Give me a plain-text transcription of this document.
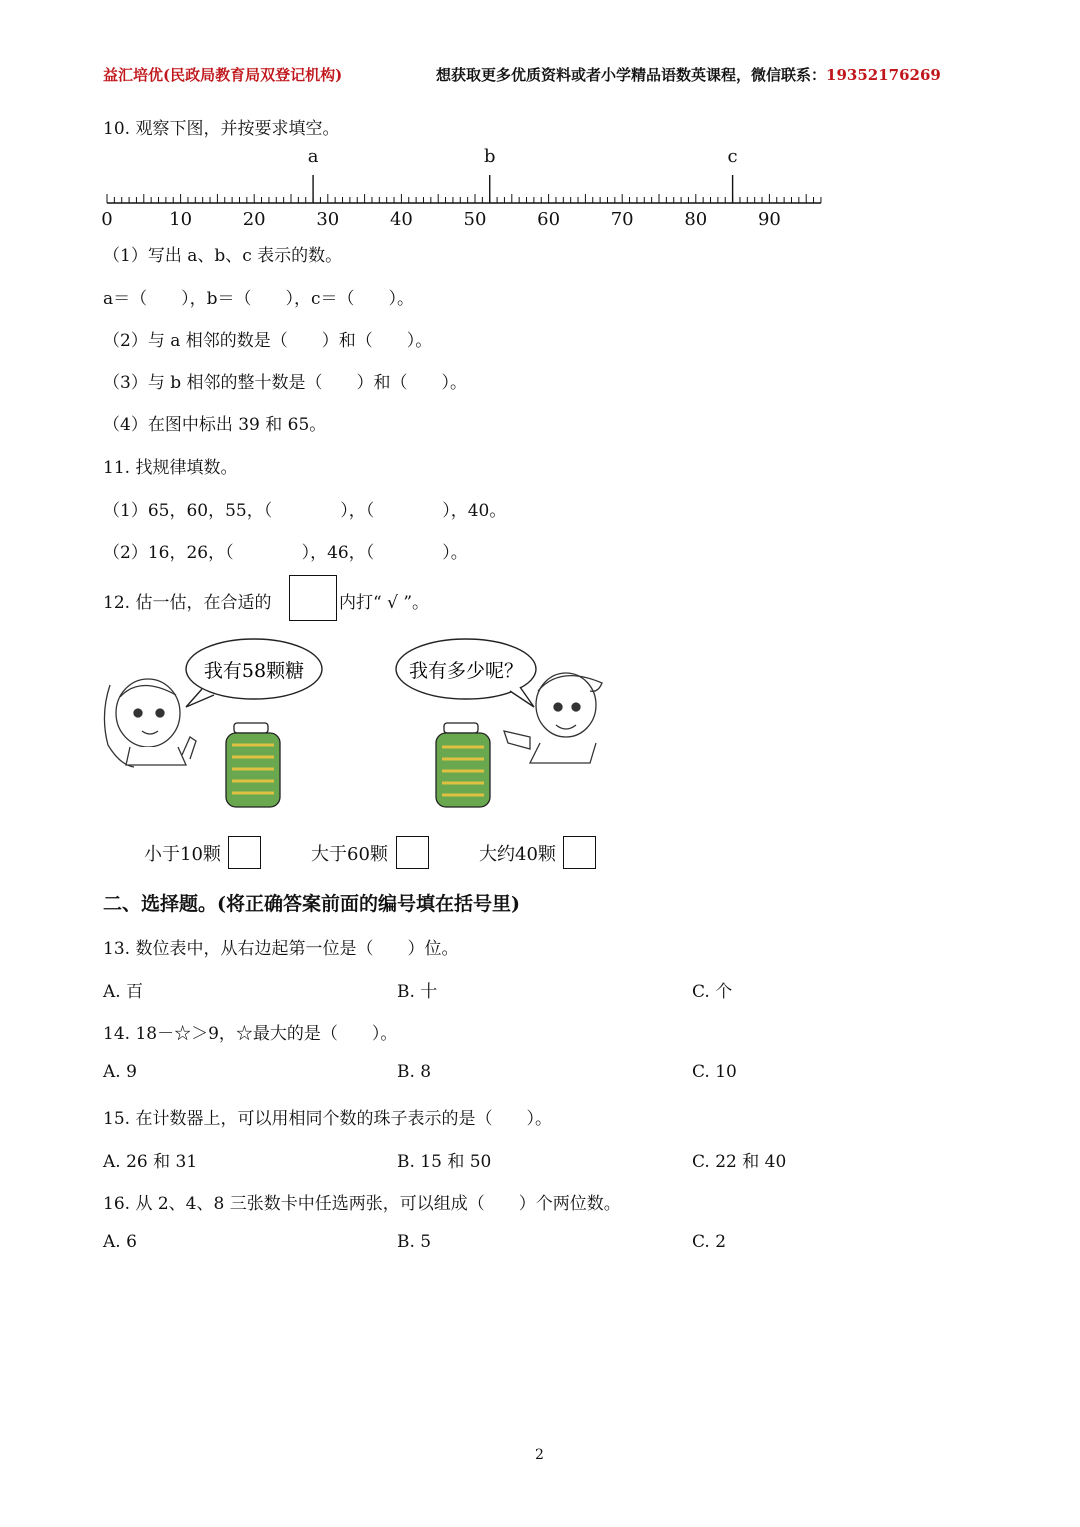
益汇培优(民政局教育局双登记机构)	想获取更多优质资料或者小学精品语数英课程，微信联系：19352176269
10. 观察下图，并按要求填空。
0	10	20	30	40	50	60	70	80	90
a	b	c
（1）写出 a、b、c 表示的数。
a＝（　　），b＝（　　），c＝（　　）。
（2）与 a 相邻的数是（　　）和（　　）。
（3）与 b 相邻的整十数是（　　）和（　　）。
（4）在图中标出 39 和 65。
11. 找规律填数。
（1）65，60，55，（　　　　），（　　　　），40。
（2）16，26，（　　　　），46，（　　　　）。
12. 估一估，在合适的	内打“ √ ”。
我有58颗糖	我有多少呢？
小于10颗	大于60颗	大约40颗
二、选择题。(将正确答案前面的编号填在括号里)
13. 数位表中，从右边起第一位是（　　）位。
A. 百	B. 十	C. 个
14. 18－☆＞9，☆最大的是（　　）。
A. 9	B. 8	C. 10
15. 在计数器上，可以用相同个数的珠子表示的是（　　）。
A. 26 和 31	B. 15 和 50	C. 22 和 40
16. 从 2、4、8 三张数卡中任选两张，可以组成（　　）个两位数。
A. 6	B. 5	C. 2
2
